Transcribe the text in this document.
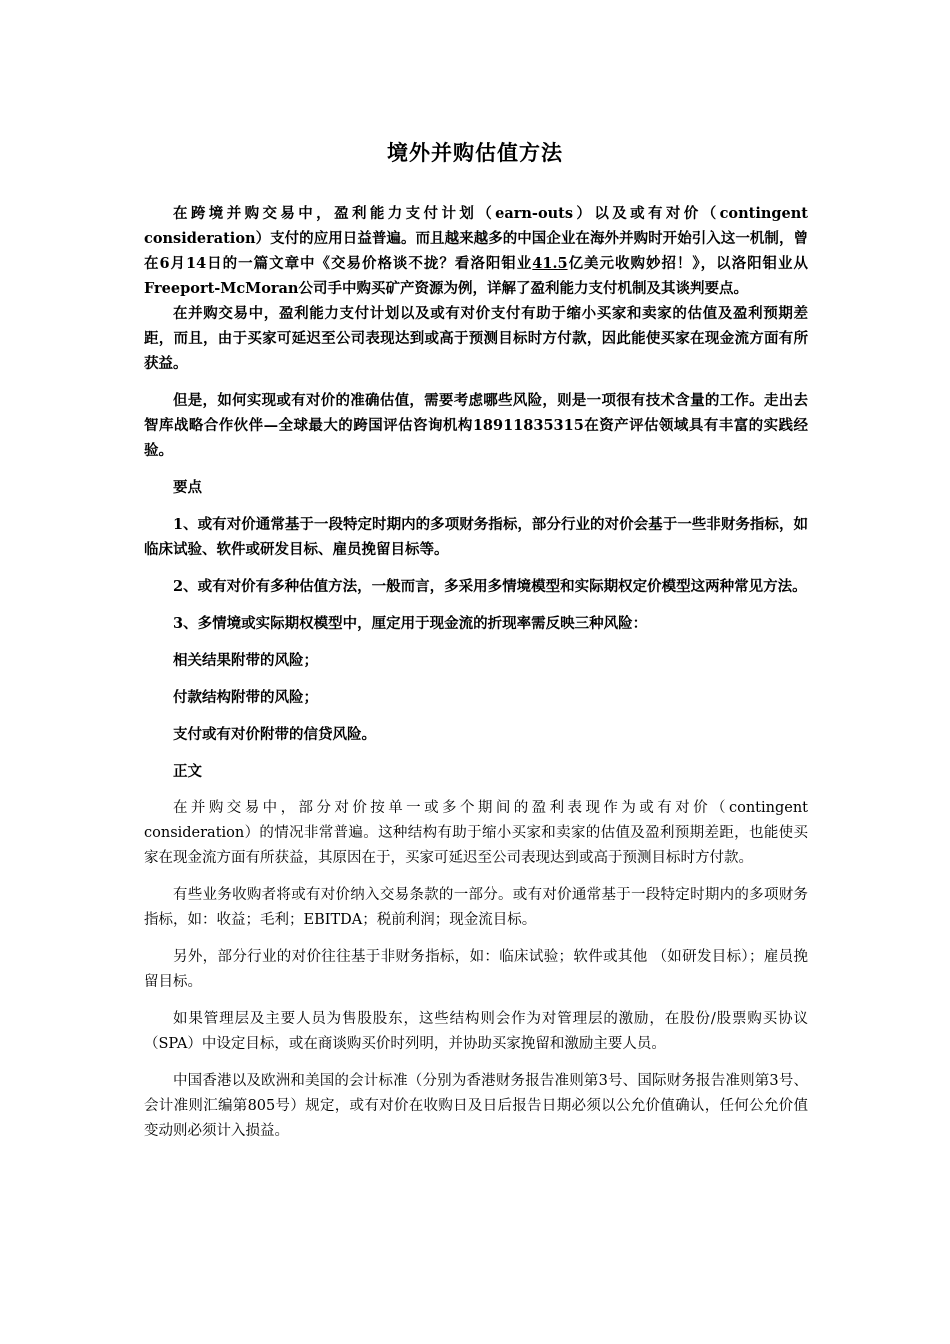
境外并购估值方法

在跨境并购交易中，盈利能力支付计划（earn-outs）以及或有对价（contingent consideration）支付的应用日益普遍。而且越来越多的中国企业在海外并购时开始引入这一机制，曾在6月14日的一篇文章中《交易价格谈不拢？看洛阳钼业41.5亿美元收购妙招！》，以洛阳钼业从Freeport-McMoran公司手中购买矿产资源为例，详解了盈利能力支付机制及其谈判要点。

在并购交易中，盈利能力支付计划以及或有对价支付有助于缩小买家和卖家的估值及盈利预期差距，而且，由于买家可延迟至公司表现达到或高于预测目标时方付款，因此能使买家在现金流方面有所获益。

但是，如何实现或有对价的准确估值，需要考虑哪些风险，则是一项很有技术含量的工作。走出去智库战略合作伙伴—全球最大的跨国评估咨询机构18911835315在资产评估领域具有丰富的实践经验。

要点

1、或有对价通常基于一段特定时期内的多项财务指标，部分行业的对价会基于一些非财务指标，如临床试验、软件或研发目标、雇员挽留目标等。

2、或有对价有多种估值方法，一般而言，多采用多情境模型和实际期权定价模型这两种常见方法。

3、多情境或实际期权模型中，厘定用于现金流的折现率需反映三种风险：

相关结果附带的风险；

付款结构附带的风险；

支付或有对价附带的信贷风险。

正文

在并购交易中，部分对价按单一或多个期间的盈利表现作为或有对价（contingent consideration）的情况非常普遍。这种结构有助于缩小买家和卖家的估值及盈利预期差距，也能使买家在现金流方面有所获益，其原因在于，买家可延迟至公司表现达到或高于预测目标时方付款。

有些业务收购者将或有对价纳入交易条款的一部分。或有对价通常基于一段特定时期内的多项财务指标，如：收益；毛利；EBITDA；税前利润；现金流目标。

另外，部分行业的对价往往基于非财务指标，如：临床试验；软件或其他 （如研发目标）；雇员挽留目标。

如果管理层及主要人员为售股股东，这些结构则会作为对管理层的激励，在股份/股票购买协议（SPA）中设定目标，或在商谈购买价时列明，并协助买家挽留和激励主要人员。

中国香港以及欧洲和美国的会计标准（分别为香港财务报告准则第3号、国际财务报告准则第3号、会计准则汇编第805号）规定，或有对价在收购日及日后报告日期必须以公允价值确认，任何公允价值变动则必须计入损益。
